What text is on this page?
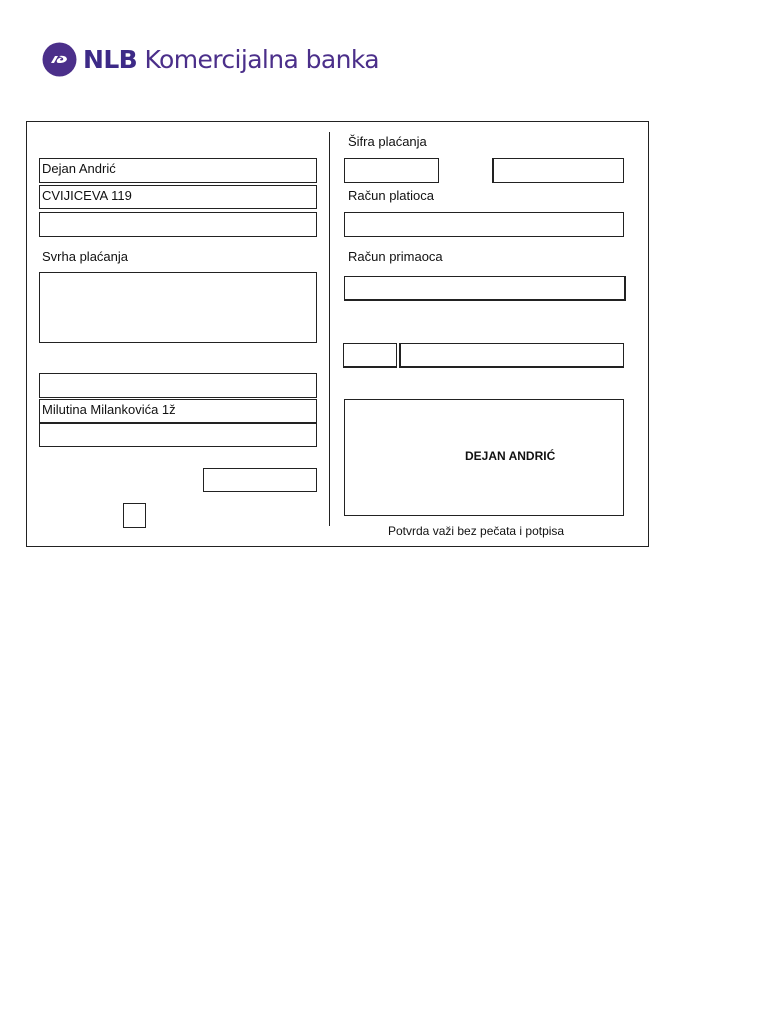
NLB Komercijalna banka
Dejan Andrić
CVIJICEVA 119
Svrha plaćanja
Milutina Milankovića 1ž
Šifra plaćanja
Račun platioca
Račun primaoca
DEJAN ANDRIĆ
Potvrda važi bez pečata i potpisa
